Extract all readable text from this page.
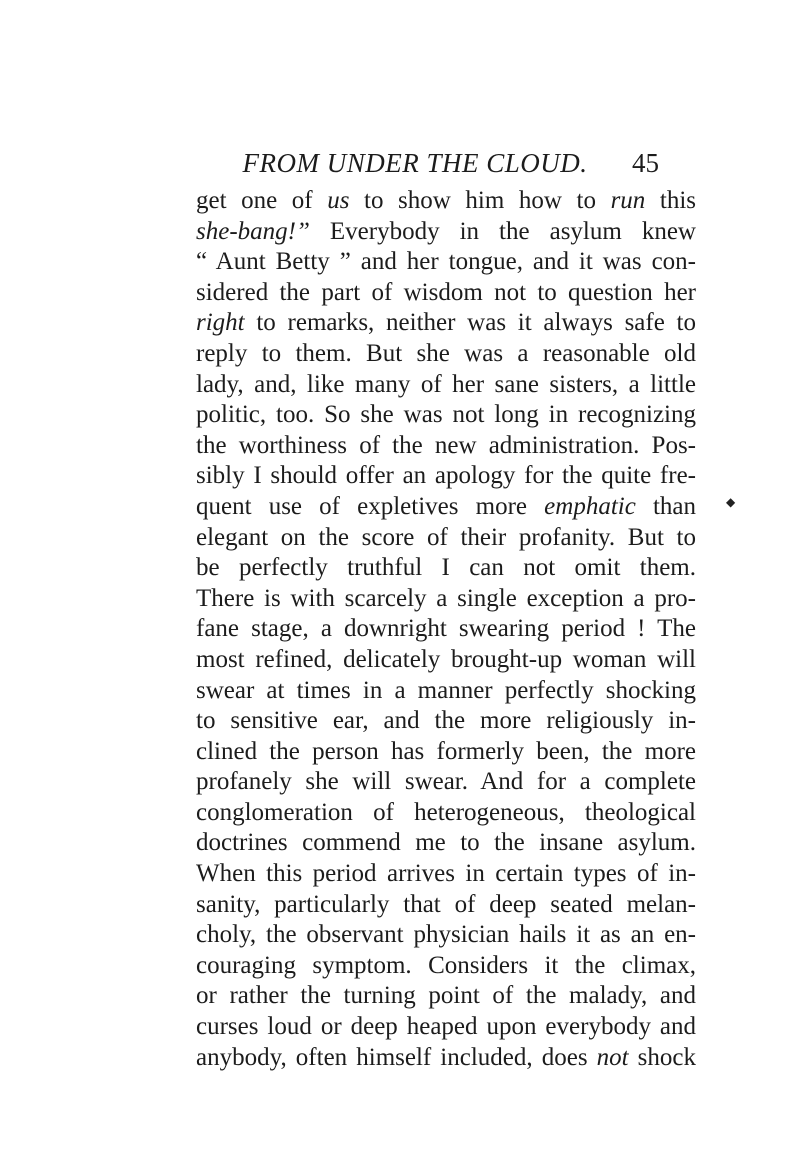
FROM UNDER THE CLOUD.	45
get one of us to show him how to run this
she-bang!” Everybody in the asylum knew
“ Aunt Betty ” and her tongue, and it was con-
sidered the part of wisdom not to question her
right to remarks, neither was it always safe to
reply to them. But she was a reasonable old
lady, and, like many of her sane sisters, a little
politic, too. So she was not long in recognizing
the worthiness of the new administration. Pos-
sibly I should offer an apology for the quite fre-
quent use of expletives more emphatic than
elegant on the score of their profanity. But to
be perfectly truthful I can not omit them.
There is with scarcely a single exception a pro-
fane stage, a downright swearing period ! The
most refined, delicately brought-up woman will
swear at times in a manner perfectly shocking
to sensitive ear, and the more religiously in-
clined the person has formerly been, the more
profanely she will swear. And for a complete
conglomeration of heterogeneous, theological
doctrines commend me to the insane asylum.
When this period arrives in certain types of in-
sanity, particularly that of deep seated melan-
choly, the observant physician hails it as an en-
couraging symptom. Considers it the climax,
or rather the turning point of the malady, and
curses loud or deep heaped upon everybody and
anybody, often himself included, does not shock
◆
